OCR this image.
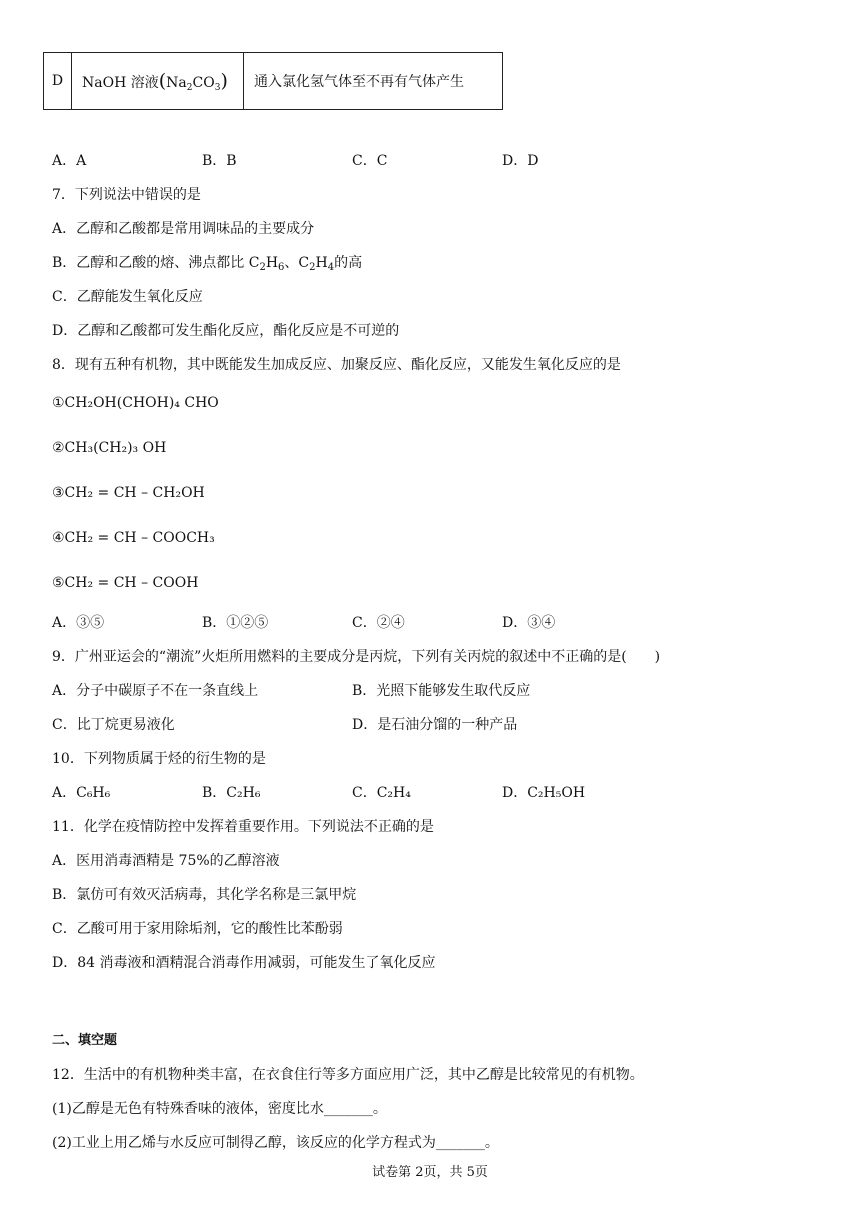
D	NaOH 溶液$(Na_2CO_3)$	通入氯化氢气体至不再有气体产生
A．A	B．B	C．C	D．D
7．下列说法中错误的是
A．乙醇和乙酸都是常用调味品的主要成分
B．乙醇和乙酸的熔、沸点都比 $C_2H_6$、$C_2H_4$的高
C．乙醇能发生氧化反应
D．乙醇和乙酸都可发生酯化反应，酯化反应是不可逆的
8．现有五种有机物，其中既能发生加成反应、加聚反应、酯化反应，又能发生氧化反应的是
①CH₂OH(CHOH)₄ CHO
②CH₃(CH₂)₃ OH
③CH₂ = CH – CH₂OH
④CH₂ = CH – COOCH₃
⑤CH₂ = CH – COOH
A．③⑤	B．①②⑤	C．②④	D．③④
9．广州亚运会的“潮流”火炬所用燃料的主要成分是丙烷，下列有关丙烷的叙述中不正确的是(　　)
A．分子中碳原子不在一条直线上	B．光照下能够发生取代反应
C．比丁烷更易液化	D．是石油分馏的一种产品
10．下列物质属于烃的衍生物的是
A．C₆H₆	B．C₂H₆	C．C₂H₄	D．C₂H₅OH
11．化学在疫情防控中发挥着重要作用。下列说法不正确的是
A．医用消毒酒精是 75%的乙醇溶液
B．氯仿可有效灭活病毒，其化学名称是三氯甲烷
C．乙酸可用于家用除垢剂，它的酸性比苯酚弱
D．84 消毒液和酒精混合消毒作用减弱，可能发生了氧化反应
二、填空题
12．生活中的有机物种类丰富，在衣食住行等多方面应用广泛，其中乙醇是比较常见的有机物。
(1)乙醇是无色有特殊香味的液体，密度比水_______。
(2)工业上用乙烯与水反应可制得乙醇，该反应的化学方程式为_______。
试卷第 2页，共 5页
